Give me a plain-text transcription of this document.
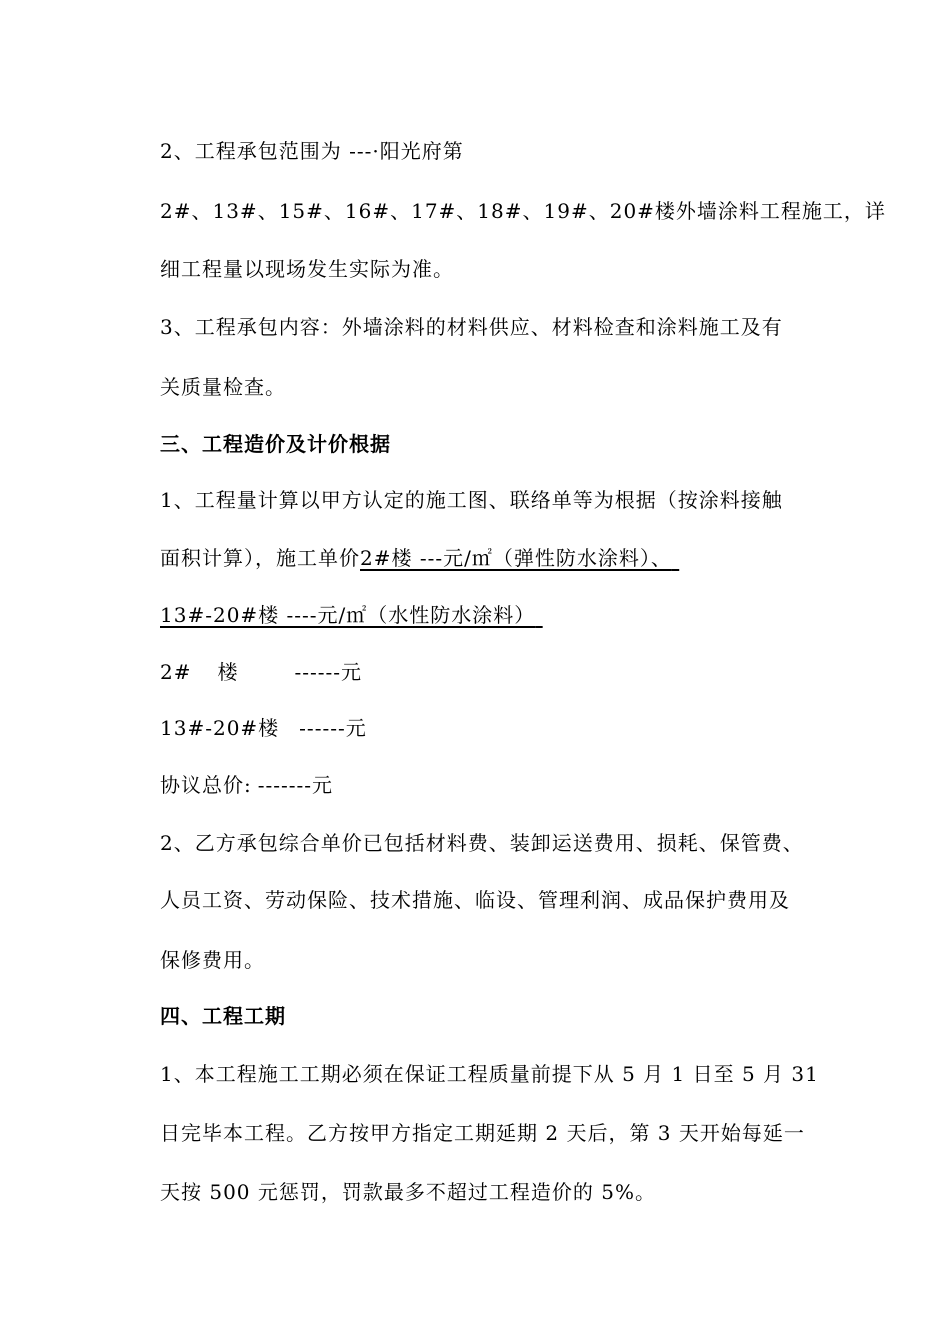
2、工程承包范围为 ---·阳光府第
2#、13#、15#、16#、17#、18#、19#、20#楼外墙涂料工程施工，详
细工程量以现场发生实际为准。
3、工程承包内容：外墙涂料的材料供应、材料检查和涂料施工及有
关质量检查。
三、工程造价及计价根据
1、工程量计算以甲方认定的施工图、联络单等为根据（按涂料接触
面积计算），施工单价2#楼 ---元/㎡（弹性防水涂料）、
13#-20#楼 ----元/㎡（水性防水涂料）
2# 楼	------元
13#-20#楼 ------元
协议总价: -------元
2、乙方承包综合单价已包括材料费、装卸运送费用、损耗、保管费、
人员工资、劳动保险、技术措施、临设、管理利润、成品保护费用及
保修费用。
四、工程工期
1、本工程施工工期必须在保证工程质量前提下从 5 月 1 日至 5 月 31
日完毕本工程。乙方按甲方指定工期延期 2 天后，第 3 天开始每延一
天按 500 元惩罚，罚款最多不超过工程造价的 5%。
